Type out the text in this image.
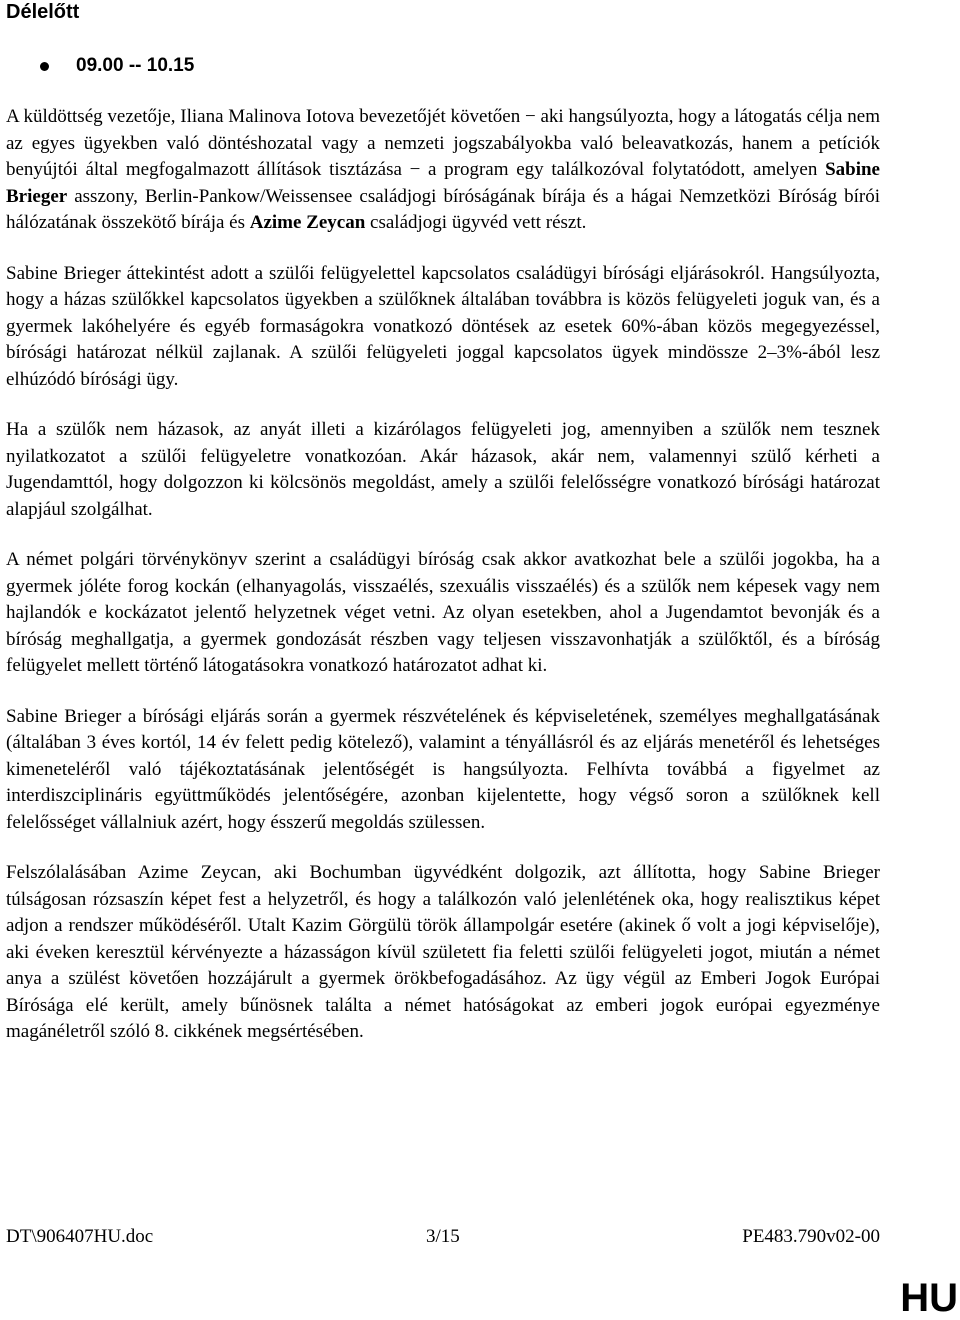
Délelőtt
09.00 -- 10.15

A küldöttség vezetője, Iliana Malinova Iotova bevezetőjét követően − aki hangsúlyozta, hogy a látogatás célja nem az egyes ügyekben való döntéshozatal vagy a nemzeti jogszabályokba való beleavatkozás, hanem a petíciók benyújtói által megfogalmazott állítások tisztázása − a program egy találkozóval folytatódott, amelyen Sabine Brieger asszony, Berlin-Pankow/Weissensee családjogi bíróságának bírája és a hágai Nemzetközi Bíróság bírói hálózatának összekötő bírája és Azime Zeycan családjogi ügyvéd vett részt.

Sabine Brieger áttekintést adott a szülői felügyelettel kapcsolatos családügyi bírósági eljárásokról. Hangsúlyozta, hogy a házas szülőkkel kapcsolatos ügyekben a szülőknek általában továbbra is közös felügyeleti joguk van, és a gyermek lakóhelyére és egyéb formaságokra vonatkozó döntések az esetek 60%-ában közös megegyezéssel, bírósági határozat nélkül zajlanak. A szülői felügyeleti joggal kapcsolatos ügyek mindössze 2–3%-ából lesz elhúzódó bírósági ügy.

Ha a szülők nem házasok, az anyát illeti a kizárólagos felügyeleti jog, amennyiben a szülők nem tesznek nyilatkozatot a szülői felügyeletre vonatkozóan. Akár házasok, akár nem, valamennyi szülő kérheti a Jugendamttól, hogy dolgozzon ki kölcsönös megoldást, amely a szülői felelősségre vonatkozó bírósági határozat alapjául szolgálhat.

A német polgári törvénykönyv szerint a családügyi bíróság csak akkor avatkozhat bele a szülői jogokba, ha a gyermek jóléte forog kockán (elhanyagolás, visszaélés, szexuális visszaélés) és a szülők nem képesek vagy nem hajlandók e kockázatot jelentő helyzetnek véget vetni. Az olyan esetekben, ahol a Jugendamtot bevonják és a bíróság meghallgatja, a gyermek gondozását részben vagy teljesen visszavonhatják a szülőktől, és a bíróság felügyelet mellett történő látogatásokra vonatkozó határozatot adhat ki.

Sabine Brieger a bírósági eljárás során a gyermek részvételének és képviseletének, személyes meghallgatásának (általában 3 éves kortól, 14 év felett pedig kötelező), valamint a tényállásról és az eljárás menetéről és lehetséges kimeneteléről való tájékoztatásának jelentőségét is hangsúlyozta. Felhívta továbbá a figyelmet az interdiszciplináris együttműködés jelentőségére, azonban kijelentette, hogy végső soron a szülőknek kell felelősséget vállalniuk azért, hogy ésszerű megoldás szülessen.

Felszólalásában Azime Zeycan, aki Bochumban ügyvédként dolgozik, azt állította, hogy Sabine Brieger túlságosan rózsaszín képet fest a helyzetről, és hogy a találkozón való jelenlétének oka, hogy realisztikus képet adjon a rendszer működéséről. Utalt Kazim Görgülü török állampolgár esetére (akinek ő volt a jogi képviselője), aki éveken keresztül kérvényezte a házasságon kívül született fia feletti szülői felügyeleti jogot, miután a német anya a szülést követően hozzájárult a gyermek örökbefogadásához. Az ügy végül az Emberi Jogok Európai Bírósága elé került, amely bűnösnek találta a német hatóságokat az emberi jogok európai egyezménye magánéletről szóló 8. cikkének megsértésében.

DT\906407HU.doc	3/15	PE483.790v02-00
HU
